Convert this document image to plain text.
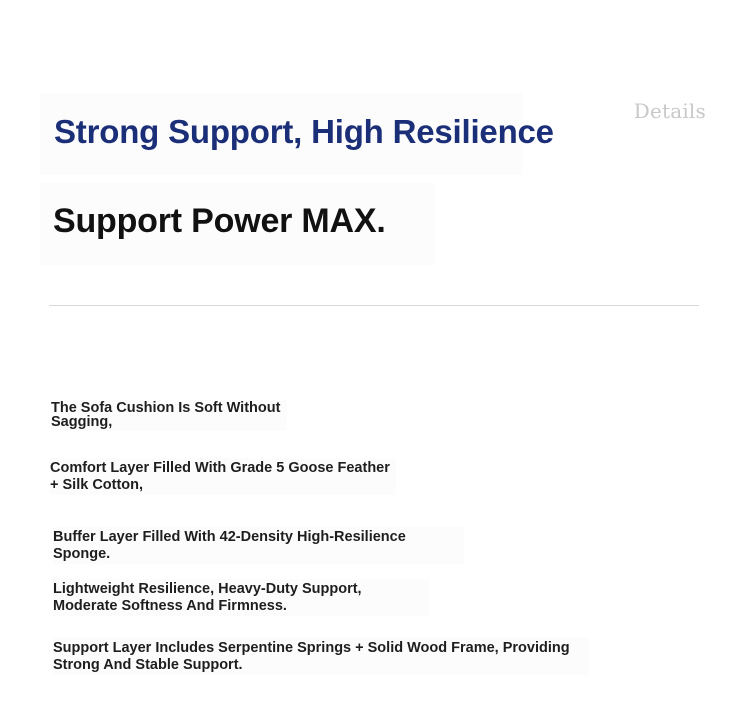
Details
Strong Support, High Resilience
Support Power MAX.
The Sofa Cushion Is Soft Without Sagging,
Comfort Layer Filled With Grade 5 Goose Feather + Silk Cotton,
Buffer Layer Filled With 42-Density High-Resilience Sponge.
Lightweight Resilience, Heavy-Duty Support, Moderate Softness And Firmness.
Support Layer Includes Serpentine Springs + Solid Wood Frame, Providing Strong And Stable Support.
